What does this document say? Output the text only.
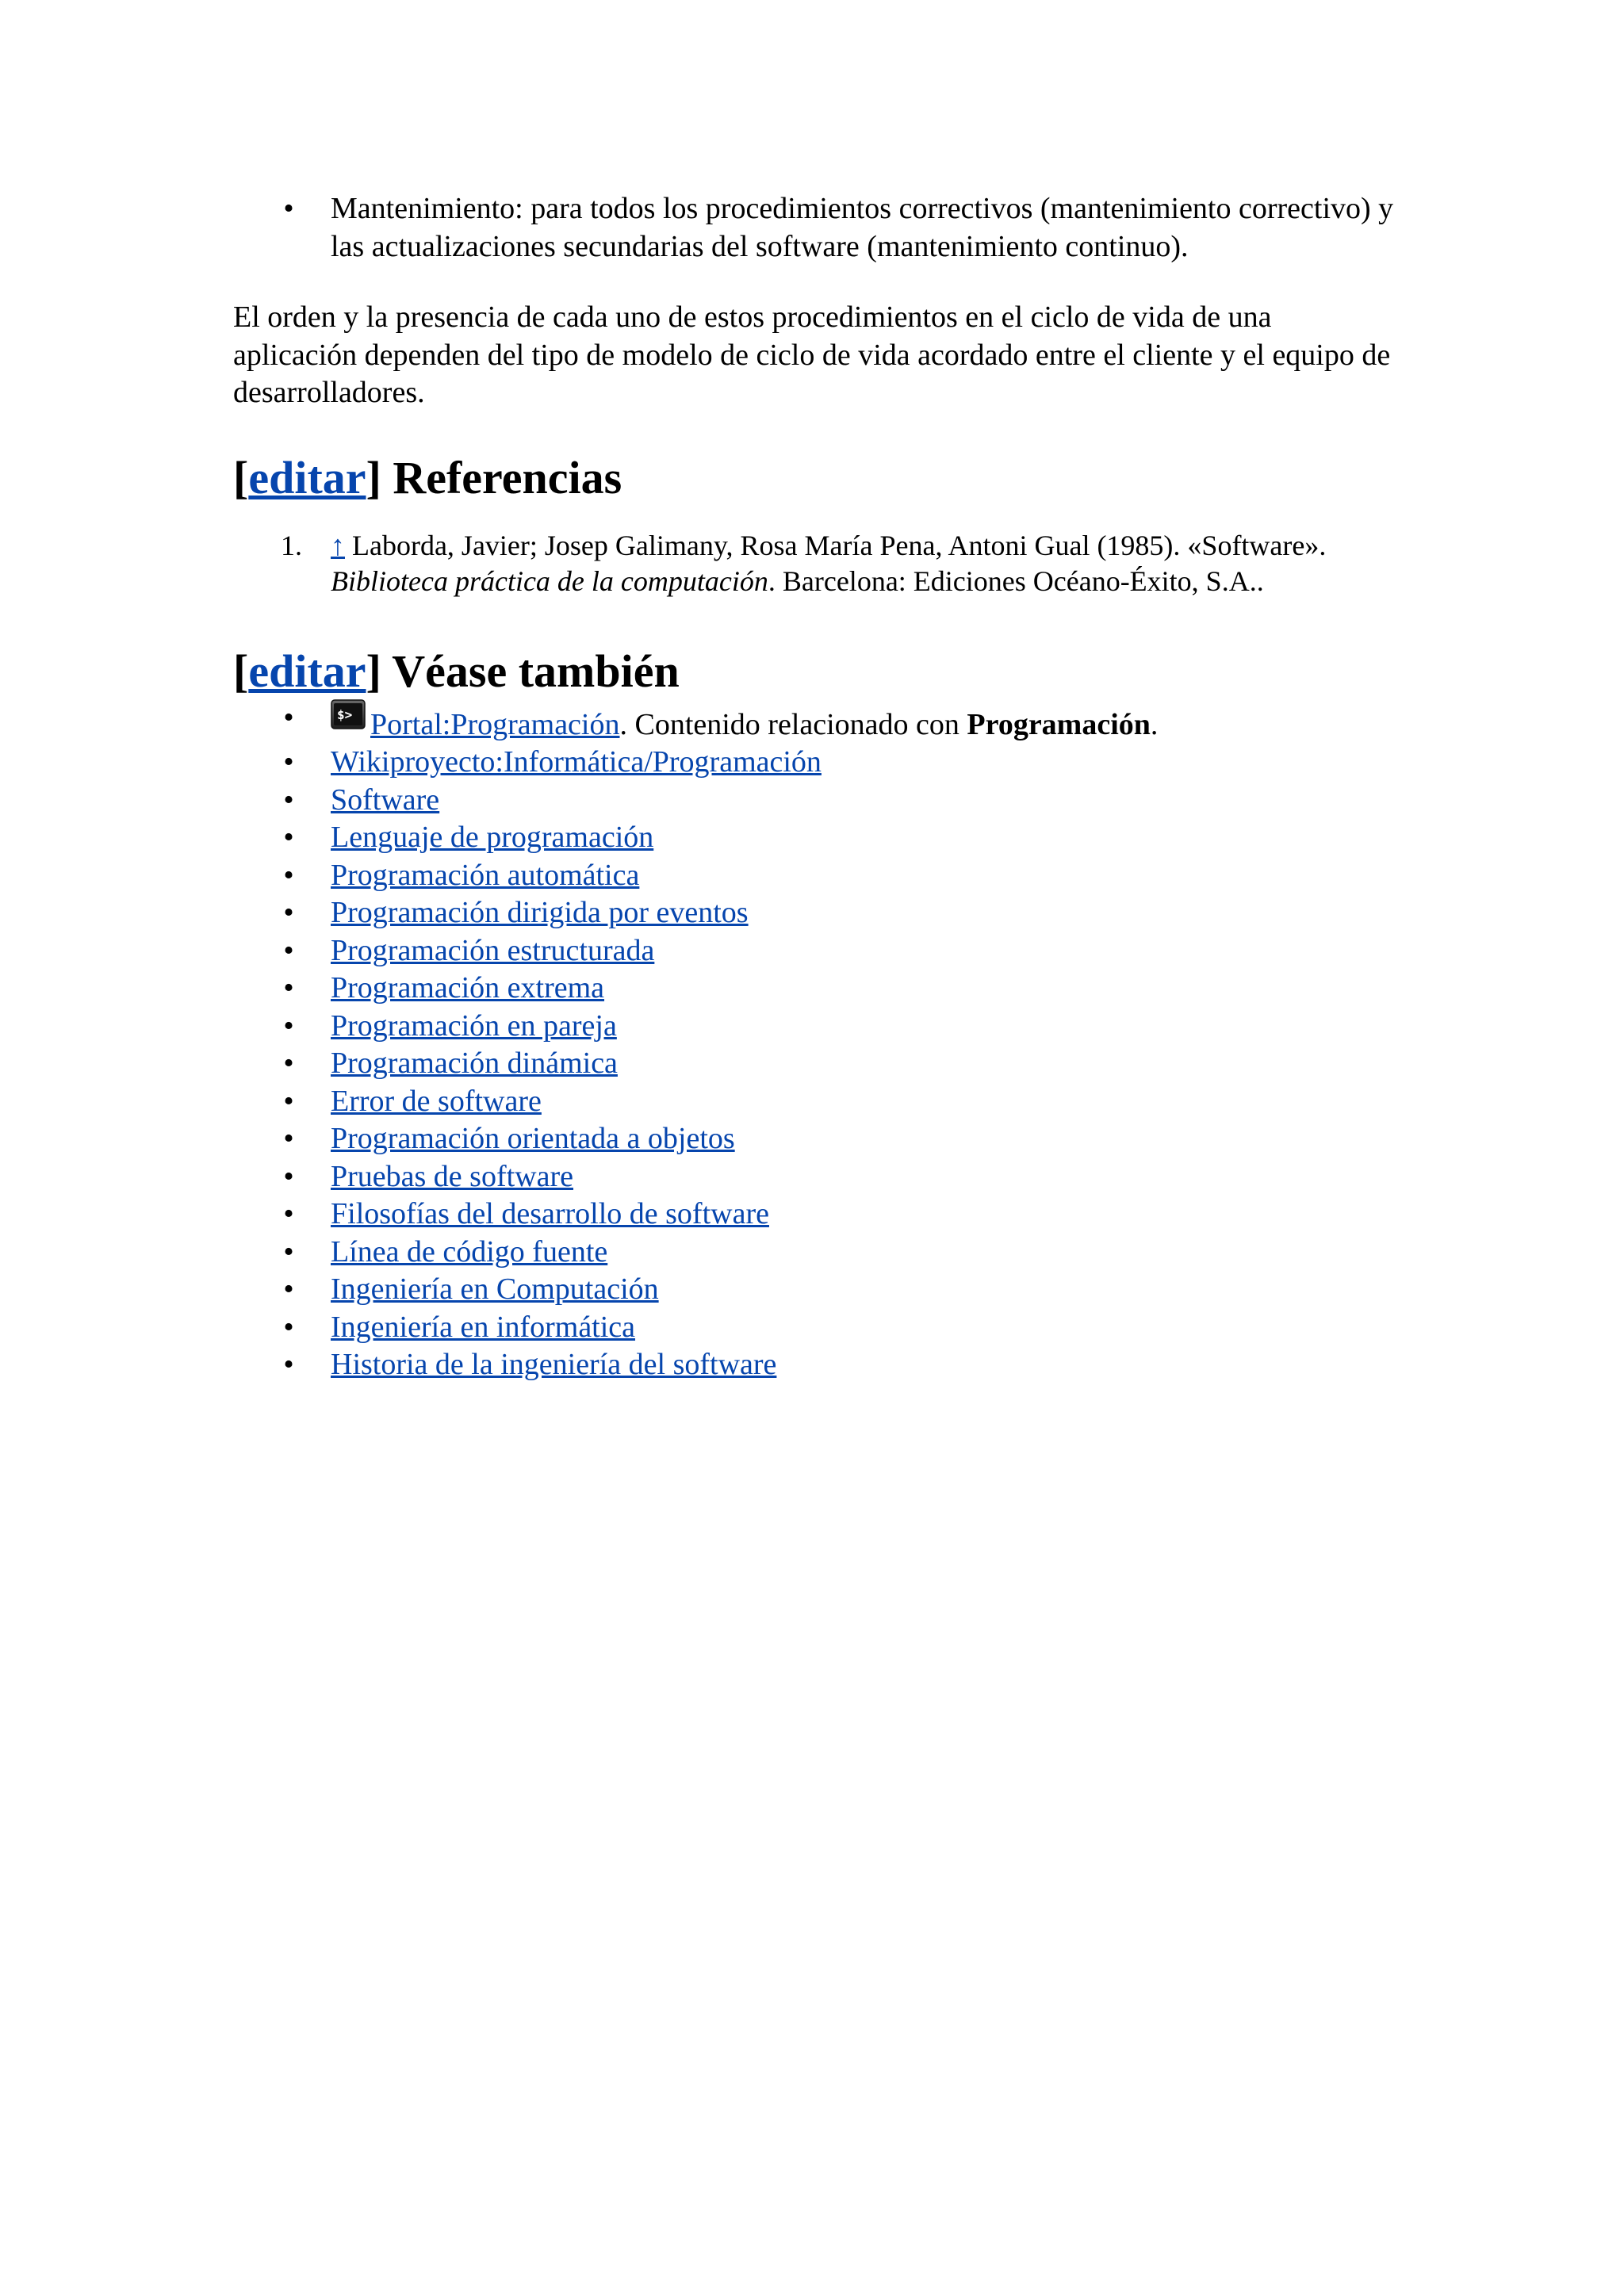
• Mantenimiento: para todos los procedimientos correctivos (mantenimiento correctivo) y las actualizaciones secundarias del software (mantenimiento continuo).

El orden y la presencia de cada uno de estos procedimientos en el ciclo de vida de una aplicación dependen del tipo de modelo de ciclo de vida acordado entre el cliente y el equipo de desarrolladores.

[editar] Referencias
1. ↑ Laborda, Javier; Josep Galimany, Rosa María Pena, Antoni Gual (1985). «Software». Biblioteca práctica de la computación. Barcelona: Ediciones Océano-Éxito, S.A..
[editar] Véase también
•	$> Portal:Programación. Contenido relacionado con Programación.
• Wikiproyecto:Informática/Programación
• Software
• Lenguaje de programación
• Programación automática
• Programación dirigida por eventos
• Programación estructurada
• Programación extrema
• Programación en pareja
• Programación dinámica
• Error de software
• Programación orientada a objetos
• Pruebas de software
• Filosofías del desarrollo de software
• Línea de código fuente
• Ingeniería en Computación
• Ingeniería en informática
• Historia de la ingeniería del software
